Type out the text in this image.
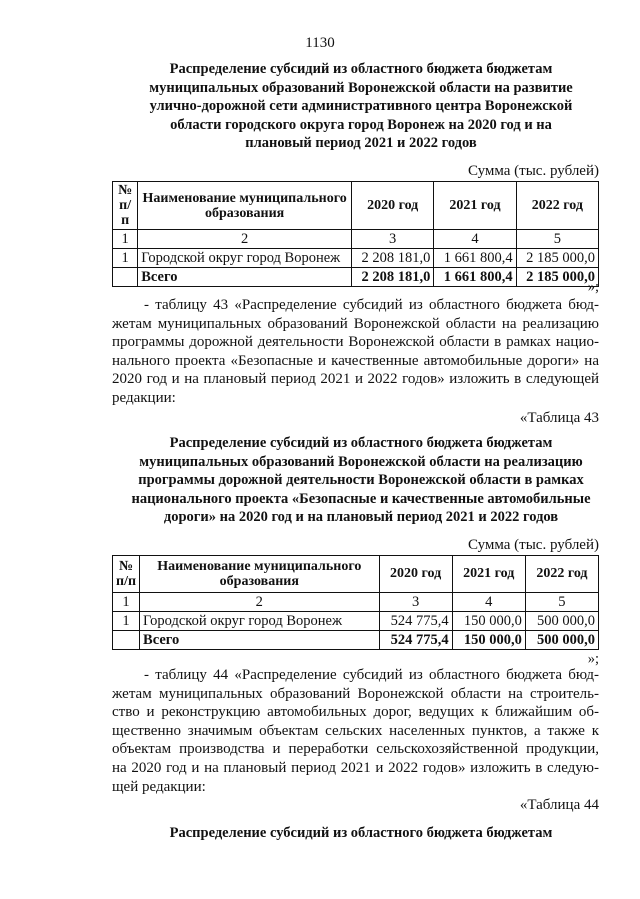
1130
Распределение субсидий из областного бюджета бюджетам
муниципальных образований Воронежской области на развитие
улично-дорожной сети административного центра Воронежской
области городского округа город Воронеж на 2020 год и на
плановый период 2021 и 2022 годов
Сумма (тыс. рублей)
№ п/п	Наименование муниципального образования	2020 год	2021 год	2022 год
1	2	3	4	5
1	Городской округ город Воронеж	2 208 181,0	1 661 800,4	2 185 000,0
	Всего	2 208 181,0	1 661 800,4	2 185 000,0
»;
- таблицу 43 «Распределение субсидий из областного бюджета бюд-
жетам муниципальных образований Воронежской области на реализацию
программы дорожной деятельности Воронежской области в рамках нацио-
нального проекта «Безопасные и качественные автомобильные дороги» на
2020 год и на плановый период 2021 и 2022 годов» изложить в следующей
редакции:
«Таблица 43
Распределение субсидий из областного бюджета бюджетам
муниципальных образований Воронежской области на реализацию
программы дорожной деятельности Воронежской области в рамках
национального проекта «Безопасные и качественные автомобильные
дороги» на 2020 год и на плановый период 2021 и 2022 годов
Сумма (тыс. рублей)
№ п/п	Наименование муниципального образования	2020 год	2021 год	2022 год
1	2	3	4	5
1	Городской округ город Воронеж	524 775,4	150 000,0	500 000,0
	Всего	524 775,4	150 000,0	500 000,0
»;
- таблицу 44 «Распределение субсидий из областного бюджета бюд-
жетам муниципальных образований Воронежской области на строитель-
ство и реконструкцию автомобильных дорог, ведущих к ближайшим об-
щественно значимым объектам сельских населенных пунктов, а также к
объектам производства и переработки сельскохозяйственной продукции,
на 2020 год и на плановый период 2021 и 2022 годов» изложить в следую-
щей редакции:
«Таблица 44
Распределение субсидий из областного бюджета бюджетам
